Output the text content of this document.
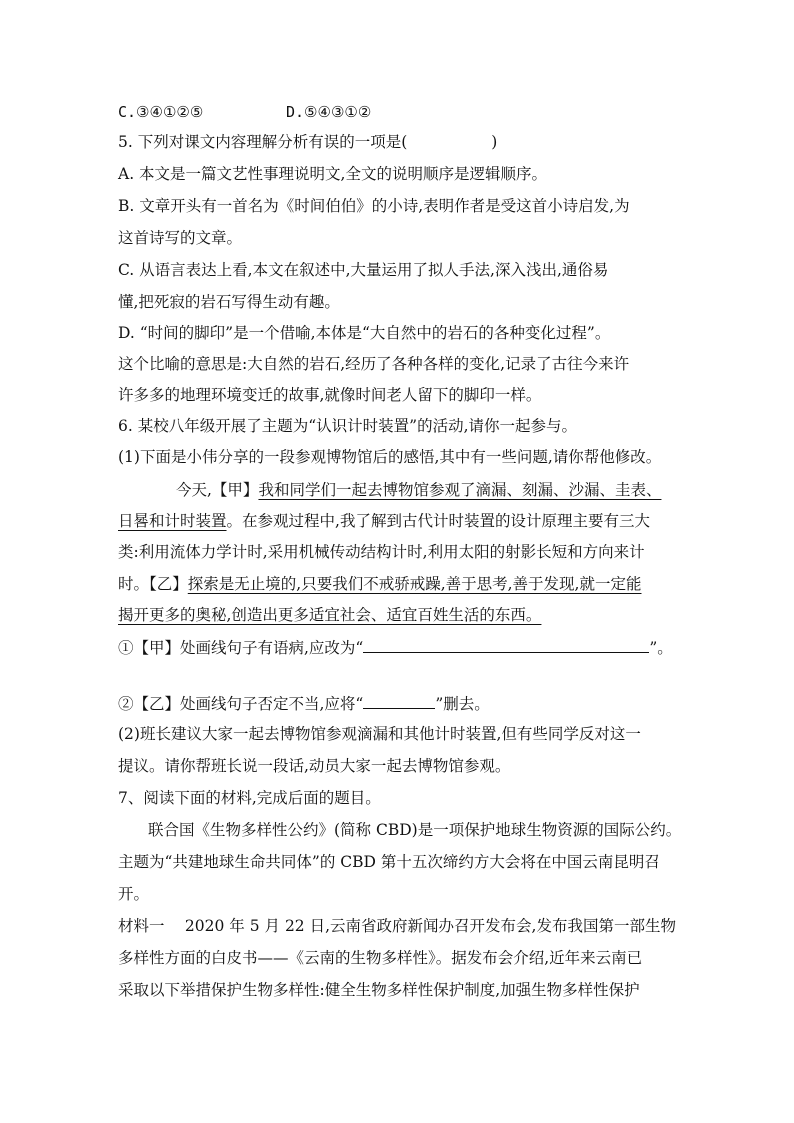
C.③④①②⑤	D.⑤④③①②
5. 下列对课文内容理解分析有误的一项是(	)
A. 本文是一篇文艺性事理说明文,全文的说明顺序是逻辑顺序。
B. 文章开头有一首名为《时间伯伯》的小诗,表明作者是受这首小诗启发,为
这首诗写的文章。
C. 从语言表达上看,本文在叙述中,大量运用了拟人手法,深入浅出,通俗易
懂,把死寂的岩石写得生动有趣。
D. “时间的脚印”是一个借喻,本体是“大自然中的岩石的各种变化过程”。
这个比喻的意思是:大自然的岩石,经历了各种各样的变化,记录了古往今来许
许多多的地理环境变迁的故事,就像时间老人留下的脚印一样。
6. 某校八年级开展了主题为“认识计时装置”的活动,请你一起参与。
(1)下面是小伟分享的一段参观博物馆后的感悟,其中有一些问题,请你帮他修改。
今天,【甲】我和同学们一起去博物馆参观了滴漏、刻漏、沙漏、圭表、
日晷和计时装置。在参观过程中,我了解到古代计时装置的设计原理主要有三大
类:利用流体力学计时,采用机械传动结构计时,利用太阳的射影长短和方向来计
时。【乙】探索是无止境的,只要我们不戒骄戒躁,善于思考,善于发现,就一定能
揭开更多的奥秘,创造出更多适宜社会、适宜百姓生活的东西。
①【甲】处画线句子有语病,应改为“	”。
②【乙】处画线句子否定不当,应将“	”删去。
(2)班长建议大家一起去博物馆参观滴漏和其他计时装置,但有些同学反对这一
提议。请你帮班长说一段话,动员大家一起去博物馆参观。
7、阅读下面的材料,完成后面的题目。
联合国《生物多样性公约》(简称 CBD)是一项保护地球生物资源的国际公约。
主题为“共建地球生命共同体”的 CBD 第十五次缔约方大会将在中国云南昆明召
开。
材料一　 2020 年 5 月 22 日,云南省政府新闻办召开发布会,发布我国第一部生物
多样性方面的白皮书——《云南的生物多样性》。据发布会介绍,近年来云南已
采取以下举措保护生物多样性:健全生物多样性保护制度,加强生物多样性保护
